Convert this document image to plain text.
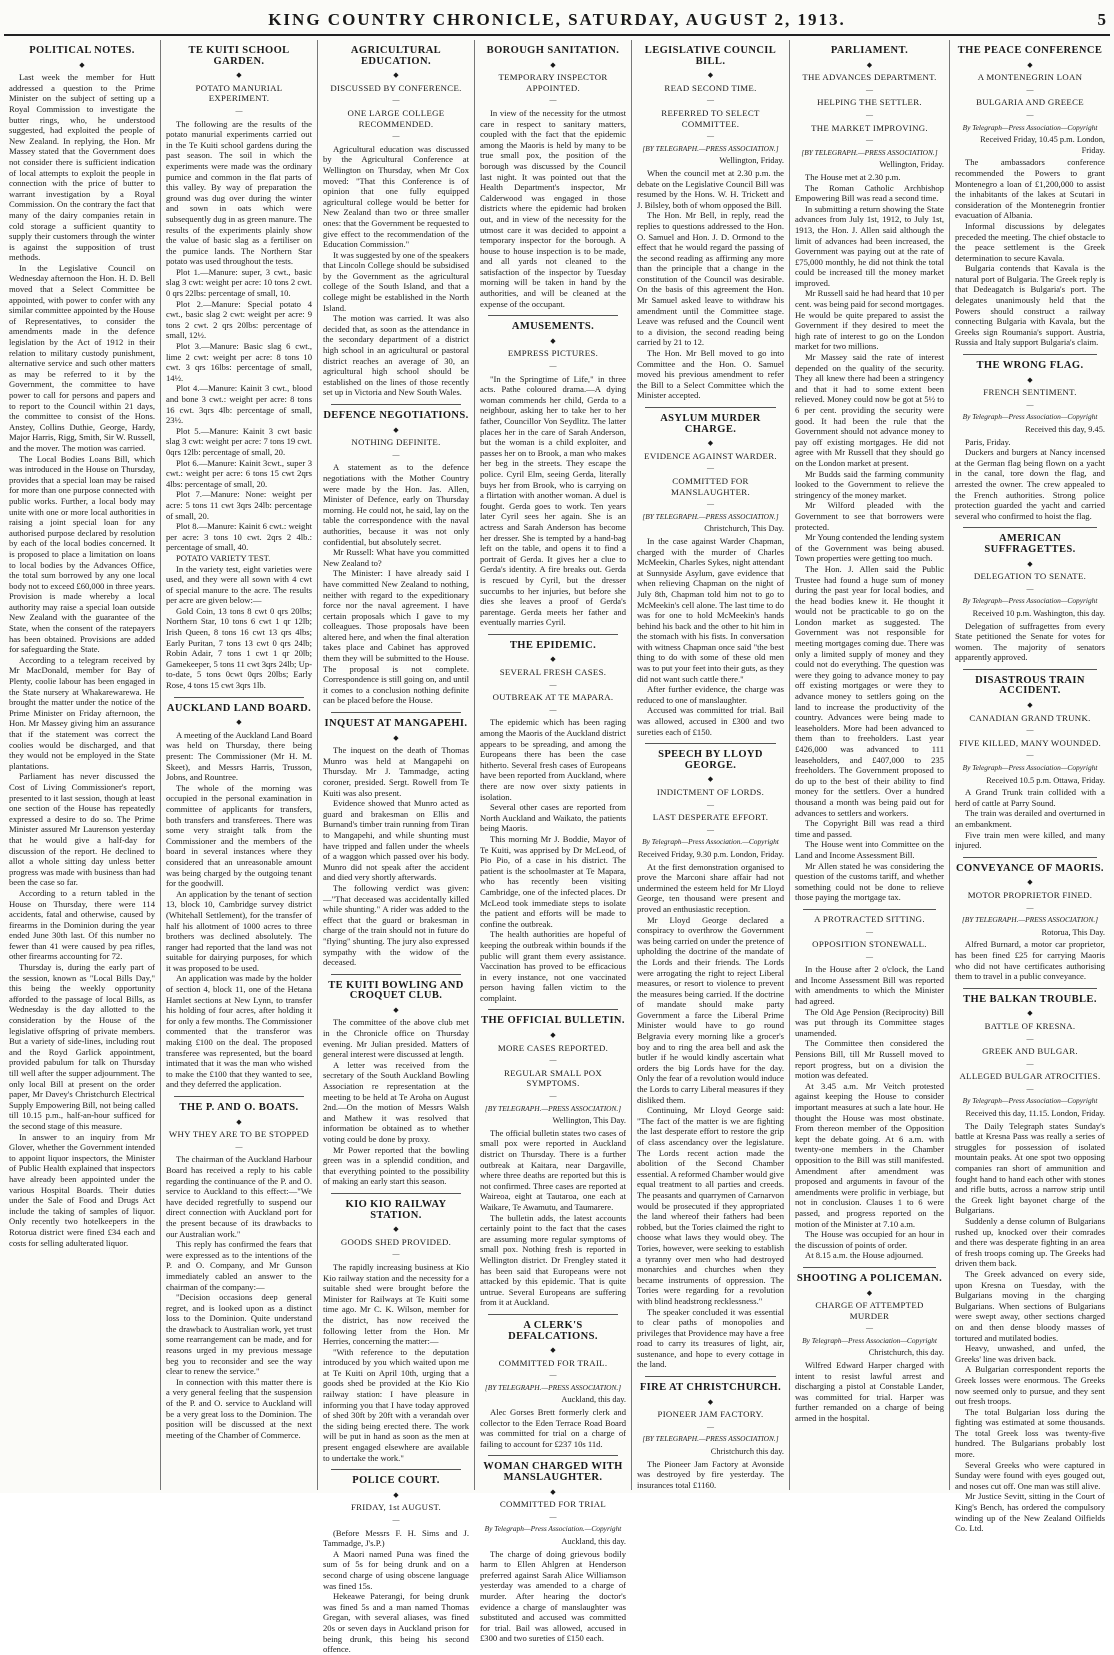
KING COUNTRY CHRONICLE, SATURDAY, AUGUST 2, 1913.	5
POLITICAL NOTES.
◆

Last week the member for Hutt addressed a question to the Prime Minister on the subject of setting up a Royal Commission to investigate the butter rings, who, he understood suggested, had exploited the people of New Zealand. In replying, the Hon. Mr Massey stated that the Government does not consider there is sufficient indication of local attempts to exploit the people in connection with the price of butter to warrant investigation by a Royal Commission. On the contrary the fact that many of the dairy companies retain in cold storage a sufficient quantity to supply their customers through the winter is against the supposition of trust methods.

In the Legislative Council on Wednesday afternoon the Hon. H. D. Bell moved that a Select Committee be appointed, with power to confer with any similar committee appointed by the House of Representatives, to consider the amendments made in the defence legislation by the Act of 1912 in their relation to military custody punishment, alternative service and such other matters as may be referred to it by the Government, the committee to have power to call for persons and papers and to report to the Council within 21 days, the committee to consist of the Hons. Anstey, Collins Duthie, George, Hardy, Major Harris, Rigg, Smith, Sir W. Russell, and the mover. The motion was carried.

The Local Bodies Loans Bill, which was introduced in the House on Thursday, provides that a special loan may be raised for more than one purpose connected with public works. Further, a local body may unite with one or more local authorities in raising a joint special loan for any authorised purpose declared by resolution by each of the local bodies concerned. It is proposed to place a limitation on loans to local bodies by the Advances Office, the total sum borrowed by any one local body not to exceed £60,000 in three years. Provision is made whereby a local authority may raise a special loan outside New Zealand with the guarantee of the State, when the consent of the ratepayers has been obtained. Provisions are added for safeguarding the State.

According to a telegram received by Mr MacDonald, member for Bay of Plenty, coolie labour has been engaged in the State nursery at Whakarewarewa. He brought the matter under the notice of the Prime Minister on Friday afternoon, the Hon. Mr Massey giving him an assurance that if the statement was correct the coolies would be discharged, and that they would not be employed in the State plantations.

Parliament has never discussed the Cost of Living Commissioner's report, presented to it last session, though at least one section of the House has repeatedly expressed a desire to do so. The Prime Minister assured Mr Laurenson yesterday that he would give a half-day for discussion of the report. He declined to allot a whole sitting day unless better progress was made with business than had been the case so far.

According to a return tabled in the House on Thursday, there were 114 accidents, fatal and otherwise, caused by firearms in the Dominion during the year ended June 30th last. Of this number no fewer than 41 were caused by pea rifles, other firearms accounting for 72.

Thursday is, during the early part of the session, known as "Local Bills Day," this being the weekly opportunity afforded to the passage of local Bills, as Wednesday is the day allotted to the consideration by the House of the legislative offspring of private members. But a variety of side-lines, including rout and the Royd Garlick appointment, provided pabulum for talk on Thursday till well after the supper adjournment. The only local Bill at present on the order paper, Mr Davey's Christchurch Electrical Supply Empowering Bill, not being called till 10.15 p.m., half-an-hour sufficed for the second stage of this measure.

In answer to an inquiry from Mr Glover, whether the Government intended to appoint liquor inspectors, the Minister of Public Health explained that inspectors have already been appointed under the various Hospital Boards. Their duties under the Sale of Food and Drugs Act include the taking of samples of liquor. Only recently two hotelkeepers in the Rotorua district were fined £34 each and costs for selling adulterated liquor.

TE KUITI SCHOOL GARDEN.
◆
POTATO MANURIAL EXPERIMENT.
—

The following are the results of the potato manurial experiments carried out in the Te Kuiti school gardens during the past season. The soil in which the experiments were made was the ordinary pumice and common in the flat parts of this valley. By way of preparation the ground was dug over during the winter and sown in oats which were subsequently dug in as green manure. The results of the experiments plainly show the value of basic slag as a fertiliser on the pumice lands. The Northern Star potato was used throughout the tests.

Plot 1.—Manure: super, 3 cwt., basic slag 3 cwt: weight per acre: 10 tons 2 cwt. 0 qrs 22lbs: percentage of small, 10.

Plot 2.—Manure: Special potato 4 cwt., basic slag 2 cwt: weight per acre: 9 tons 2 cwt. 2 qrs 20lbs: percentage of small, 12½.

Plot 3.—Manure: Basic slag 6 cwt., lime 2 cwt: weight per acre: 8 tons 10 cwt. 3 qrs 16lbs: percentage of small, 14½.

Plot 4.—Manure: Kainit 3 cwt., blood and bone 3 cwt.: weight per acre: 8 tons 16 cwt. 3qrs 4lb: percentage of small, 23½.

Plot 5.—Manure: Kainit 3 cwt basic slag 3 cwt: weight per acre: 7 tons 19 cwt. 0qrs 12lb: percentage of small, 20.

Plot 6.—Manure: Kainit 3cwt., super 3 cwt.: weight per acre: 6 tons 15 cwt 2qrs 4lbs: percentage of small, 20.

Plot 7.—Manure: None: weight per acre: 5 tons 11 cwt 3qrs 24lb: percentage of small, 20.

Plot 8.—Manure: Kainit 6 cwt.: weight per acre: 3 tons 10 cwt. 2qrs 2 4lb.: percentage of small, 40.

POTATO VARIETY TEST.

In the variety test, eight varieties were used, and they were all sown with 4 cwt of special manure to the acre. The results per acre are given below:—

Gold Coin, 13 tons 8 cwt 0 qrs 20lbs; Northern Star, 10 tons 6 cwt 1 qr 12lb; Irish Queen, 8 tons 16 cwt 13 qrs 4lbs; Early Puritan, 7 tons 13 cwt 0 qrs 24lb; Robin Adair, 7 tons 1 cwt 1 qr 20lb; Gamekeeper, 5 tons 11 cwt 3qrs 24lb; Up-to-date, 5 tons 0cwt 0qrs 20lbs; Early Rose, 4 tons 15 cwt 3qrs 1lb.

AUCKLAND LAND BOARD.
◆

A meeting of the Auckland Land Board was held on Thursday, there being present: The Commissioner (Mr H. M. Skeet), and Messrs Harris, Trusson, Jobns, and Rountree.

The whole of the morning was occupied in the personal examination in committee of applicants for transfers, both transfers and transferees. There was some very straight talk from the Commissioner and the members of the board in several instances where they considered that an unreasonable amount was being charged by the outgoing tenant for the goodwill.

An application by the tenant of section 13, block 10, Cambridge survey district (Whitehall Settlement), for the transfer of half his allotment of 1000 acres to three brothers was declined absolutely. The ranger had reported that the land was not suitable for dairying purposes, for which it was proposed to be used.

An application was made by the holder of section 4, block 11, one of the Hetana Hamlet sections at New Lynn, to transfer his holding of four acres, after holding it for only a few months. The Commissioner commented that the transferor was making £100 on the deal. The proposed transferee was represented, but the board intimated that it was the man who wished to make the £100 that they wanted to see, and they deferred the application.

THE P. AND O. BOATS.
◆
WHY THEY ARE TO BE STOPPED
—

The chairman of the Auckland Harbour Board has received a reply to his cable regarding the continuance of the P. and O. service to Auckland to this effect:—"We have decided regretfully to suspend our direct connection with Auckland port for the present because of its drawbacks to our Australian work."

This reply has confirmed the fears that were expressed as to the intentions of the P. and O. Company, and Mr Gunson immediately cabled an answer to the chairman of the company:—

"Decision occasions deep general regret, and is looked upon as a distinct loss to the Dominion. Quite understand the drawback to Australian work, yet trust some rearrangement can be made, and for reasons urged in my previous message beg you to reconsider and see the way clear to renew the service."

In connection with this matter there is a very general feeling that the suspension of the P. and O. service to Auckland will be a very great loss to the Dominion. The position will be discussed at the next meeting of the Chamber of Commerce.

AGRICULTURAL EDUCATION.
◆
DISCUSSED BY CONFERENCE.
—
ONE LARGE COLLEGE RECOMMENDED.
—

Agricultural education was discussed by the Agricultural Conference at Wellington on Thursday, when Mr Cox moved: "That this Conference is of opinion that one fully equipped agricultural college would be better for New Zealand than two or three smaller ones: that the Government be requested to give effect to the recommendation of the Education Commission."

It was suggested by one of the speakers that Lincoln College should be subsidised by the Government as the agricultural college of the South Island, and that a college might be established in the North Island.

The motion was carried. It was also decided that, as soon as the attendance in the secondary department of a district high school in an agricultural or pastoral district reaches an average of 30, an agricultural high school should be established on the lines of those recently set up in Victoria and New South Wales.

DEFENCE NEGOTIATIONS.
◆
NOTHING DEFINITE.
—

A statement as to the defence negotiations with the Mother Country were made by the Hon. Jas. Allen, Minister of Defence, early on Thursday morning. He could not, he said, lay on the table the correspondence with the naval authorities, because it was not only confidential, but absolutely secret.

Mr Russell: What have you committed New Zealand to?

The Minister: I have already said I have committed New Zealand to nothing, neither with regard to the expeditionary force nor the naval agreement. I have certain proposals which I gave to my colleagues. Those proposals have been altered here, and when the final alteration takes place and Cabinet has approved them they will be submitted to the House. The proposal is not complete. Correspondence is still going on, and until it comes to a conclusion nothing definite can be placed before the House.

INQUEST AT MANGAPEHI.
◆

The inquest on the death of Thomas Munro was held at Mangapehi on Thursday. Mr J. Tammadge, acting coroner, presided. Sergt. Rowell from Te Kuiti was also present.

Evidence showed that Munro acted as guard and brakesman on Ellis and Burnand's timber train running from Tiran to Mangapehi, and while shunting must have tripped and fallen under the wheels of a waggon which passed over his body. Munro did not speak after the accident and died very shortly afterwards.

The following verdict was given:—"That deceased was accidentally killed while shunting." A rider was added to the effect that the guard or brakesman in charge of the train should not in future do "flying" shunting. The jury also expressed sympathy with the widow of the deceased.

TE KUITI BOWLING AND CROQUET CLUB.
◆

The committee of the above club met in the Chronicle office on Thursday evening. Mr Julian presided. Matters of general interest were discussed at length.

A letter was received from the secretary of the South Auckland Bowling Association re representation at the meeting to be held at Te Aroha on August 2nd.—On the motion of Messrs Walsh and Mathew it was resolved that information be obtained as to whether voting could be done by proxy.

Mr Power reported that the bowling green was in a splendid condition, and that everything pointed to the possibility of making an early start this season.

KIO KIO RAILWAY STATION.
◆
GOODS SHED PROVIDED.
—

The rapidly increasing business at Kio Kio railway station and the necessity for a suitable shed were brought before the Minister for Railways at Te Kuiti some time ago. Mr C. K. Wilson, member for the district, has now received the following letter from the Hon. Mr Herries, concerning the matter:—

"With reference to the deputation introduced by you which waited upon me at Te Kuiti on April 10th, urging that a goods shed be provided at the Kio Kio railway station: I have pleasure in informing you that I have today approved of shed 30ft by 20ft with a verandah over the siding being erected there. The work will be put in hand as soon as the men at present engaged elsewhere are available to undertake the work."

POLICE COURT.
◆
FRIDAY, 1st AUGUST.
—

(Before Messrs F. H. Sims and J. Tammadge, J's.P.)

A Maori named Puna was fined the sum of 5s for being drunk and on a second charge of using obscene language was fined 15s.

Hekeawe Paterangi, for being drunk was fined 5s and a man named Thomas Gregan, with several aliases, was fined 20s or seven days in Auckland prison for being drunk, this being his second offence.

BOROUGH SANITATION.
◆
TEMPORARY INSPECTOR APPOINTED.
—

In view of the necessity for the utmost care in respect to sanitary matters, coupled with the fact that the epidemic among the Maoris is held by many to be true small pox, the position of the borough was discussed by the Council last night. It was pointed out that the Health Department's inspector, Mr Calderwood was engaged in those districts where the epidemic had broken out, and in view of the necessity for the utmost care it was decided to appoint a temporary inspector for the borough. A house to house inspection is to be made, and all yards not cleaned to the satisfaction of the inspector by Tuesday morning will be taken in hand by the authorities, and will be cleaned at the expense of the occupant.

AMUSEMENTS.
◆
EMPRESS PICTURES.
—

"In the Springtime of Life," in three acts. Pathe coloured drama.—A dying woman commends her child, Gerda to a neighbour, asking her to take her to her father, Councillor Von Seydlitz. The latter places her in the care of Sarah Anderson, but the woman is a child exploiter, and passes her on to Brook, a man who makes her beg in the streets. They escape the police. Cyril Elm, seeing Gerda, literally buys her from Brook, who is carrying on a flirtation with another woman. A duel is fought. Gerda goes to work. Ten years later Cyril sees her again. She is an actress and Sarah Anderson has become her dresser. She is tempted by a hand-bag left on the table, and opens it to find a portrait of Gerda. It gives her a clue to Gerda's identity. A fire breaks out. Gerda is rescued by Cyril, but the dresser succumbs to her injuries, but before she dies she leaves a proof of Gerda's parentage. Gerda meets her father and eventually marries Cyril.

THE EPIDEMIC.
◆
SEVERAL FRESH CASES.
—
OUTBREAK AT TE MAPARA.
—

The epidemic which has been raging among the Maoris of the Auckland district appears to be spreading, and among the Europeans there has been the case hitherto. Several fresh cases of Europeans have been reported from Auckland, where there are now over sixty patients in isolation.

Several other cases are reported from North Auckland and Waikato, the patients being Maoris.

This morning Mr J. Boddie, Mayor of Te Kuiti, was apprised by Dr McLeod, of Pio Pio, of a case in his district. The patient is the schoolmaster at Te Mapara, who has recently been visiting Cambridge, one of the infected places. Dr McLeod took immediate steps to isolate the patient and efforts will be made to confine the outbreak.

The health authorities are hopeful of keeping the outbreak within bounds if the public will grant them every assistance. Vaccination has proved to be efficacious in every instance, not one vaccinated person having fallen victim to the complaint.

THE OFFICIAL BULLETIN.
◆
MORE CASES REPORTED.
—
REGULAR SMALL POX SYMPTOMS.
—
[BY TELEGRAPH.—PRESS ASSOCIATION.]
Wellington, This Day.

The official bulletin states two cases of small pox were reported in Auckland district on Thursday. There is a further outbreak at Kaitara, near Dargaville, where three deaths are reported but this is not confirmed. Three cases are reported at Waireoa, eight at Tautaroa, one each at Waikare, Te Awamutu, and Taumarere.

The bulletin adds, the latest accounts certainly point to the fact that the cases are assuming more regular symptoms of small pox. Nothing fresh is reported in Wellington district. Dr Frengley stated it has been said that Europeans were not attacked by this epidemic. That is quite untrue. Several Europeans are suffering from it at Auckland.

A CLERK'S DEFALCATIONS.
◆
COMMITTED FOR TRAIL.
—
[BY TELEGRAPH.—PRESS ASSOCIATION.]
Auckland, this day.

Alec Gorses Brett formerly clerk and collector to the Eden Terrace Road Board was committed for trial on a charge of failing to account for £237 10s 11d.

WOMAN CHARGED WITH MANSLAUGHTER.
◆
COMMITTED FOR TRIAL
—
By Telegraph—Press Association.—Copyright
Auckland, this day.

The charge of doing grievous bodily harm to Ellen Ahlgren at Henderson preferred against Sarah Alice Williamson yesterday was amended to a charge of murder. After hearing the doctor's evidence a charge of manslaughter was substituted and accused was committed for trial. Bail was allowed, accused in £300 and two sureties of £150 each.

LEGISLATIVE COUNCIL BILL.
◆
READ SECOND TIME.
—
REFERRED TO SELECT COMMITTEE.
—
[BY TELEGRAPH.—PRESS ASSOCIATION.]
Wellington, Friday.

When the council met at 2.30 p.m. the debate on the Legislative Council Bill was resumed by the Hons. W. H. Trickett and J. Bilsley, both of whom opposed the Bill.

The Hon. Mr Bell, in reply, read the replies to questions addressed to the Hon. O. Samuel and Hon. J. D. Ormond to the effect that he would regard the passing of the second reading as affirming any more than the principle that a change in the constitution of the Council was desirable. On the basis of this agreement the Hon. Mr Samuel asked leave to withdraw his amendment until the Committee stage. Leave was refused and the Council went to a division, the second reading being carried by 21 to 12.

The Hon. Mr Bell moved to go into Committee and the Hon. O. Samuel moved his previous amendment to refer the Bill to a Select Committee which the Minister accepted.

ASYLUM MURDER CHARGE.
◆
EVIDENCE AGAINST WARDER.
—
COMMITTED FOR MANSLAUGHTER.
—
[BY TELEGRAPH.—PRESS ASSOCIATION.]
Christchurch, This Day.

In the case against Warder Chapman, charged with the murder of Charles McMeekin, Charles Sykes, night attendant at Sunnyside Asylum, gave evidence that when relieving Chapman on the night of July 8th, Chapman told him not to go to McMeekin's cell alone. The last time to do was for one to hold McMeekin's hands behind his back and the other to hit him in the stomach with his fists. In conversation with witness Chapman once said "the best thing to do with some of these old men was to put your feet into their guts, as they did not want such cattle there."

After further evidence, the charge was reduced to one of manslaughter.

Accused was committed for trial. Bail was allowed, accused in £300 and two sureties each of £150.

SPEECH BY LLOYD GEORGE.
◆
INDICTMENT OF LORDS.
—
LAST DESPERATE EFFORT.
—
By Telegraph—Press Association.—Copyright
Received Friday, 9.30 p.m. London, Friday.

At the first demonstration organised to prove the Marconi share affair had not undermined the esteem held for Mr Lloyd George, ten thousand were present and proved an enthusiastic reception.

Mr Lloyd George declared a conspiracy to overthrow the Government was being carried on under the pretence of upholding the doctrine of the mandate of the Lords and their friends. The Lords were arrogating the right to reject Liberal measures, or resort to violence to prevent the measures being carried. If the doctrine of mandate should make party Government a farce the Liberal Prime Minister would have to go round Belgravia every morning like a grocer's boy and to ring the area bell and ask the butler if he would kindly ascertain what orders the big Lords have for the day. Only the fear of a revolution would induce the Lords to carry Liberal measures if they disliked them.

Continuing, Mr Lloyd George said: "The fact of the matter is we are fighting the last desperate effort to restore the grip of class ascendancy over the legislature. The Lords recent action made the abolition of the Second Chamber essential. A reformed Chamber would give equal treatment to all parties and creeds. The peasants and quarrymen of Carnarvon would be prosecuted if they appropriated the land whereof their fathers had been robbed, but the Tories claimed the right to choose what laws they would obey. The Tories, however, were seeking to establish a tyranny over men who had destroyed monarchies and churches when they became instruments of oppression. The Tories were regarding for a revolution with blind headstrong recklessness."

The speaker concluded it was essential to clear paths of monopolies and privileges that Providence may have a free road to carry its treasures of light, air, sustenance, and hope to every cottage in the land.

FIRE AT CHRISTCHURCH.
◆
PIONEER JAM FACTORY.
—
[BY TELEGRAPH.—PRESS ASSOCIATION.]
Christchurch this day.

The Pioneer Jam Factory at Avonside was destroyed by fire yesterday. The insurances total £1160.

PARLIAMENT.
◆
THE ADVANCES DEPARTMENT.
—
HELPING THE SETTLER.
—
THE MARKET IMPROVING.
—
[BY TELEGRAPH.—PRESS ASSOCIATION.]
Wellington, Friday.

The House met at 2.30 p.m.

The Roman Catholic Archbishop Empowering Bill was read a second time.

In submitting a return showing the State advances from July 1st, 1912, to July 1st, 1913, the Hon. J. Allen said although the limit of advances had been increased, the Government was paying out at the rate of £75,000 monthly, he did not think the total could be increased till the money market improved.

Mr Russell said he had heard that 10 per cent. was being paid for second mortgages. He would be quite prepared to assist the Government if they desired to meet the high rate of interest to go on the London market for two millions.

Mr Massey said the rate of interest depended on the quality of the security. They all knew there had been a stringency and that it had to some extent been relieved. Money could now be got at 5½ to 6 per cent. providing the security were good. It had been the rule that the Government should not advance money to pay off existing mortgages. He did not agree with Mr Russell that they should go on the London market at present.

Mr Budds said the farming community looked to the Government to relieve the stringency of the money market.

Mr Wilford pleaded with the Government to see that borrowers were protected.

Mr Young contended the lending system of the Government was being abused. Town properties were getting too much.

The Hon. J. Allen said the Public Trustee had found a huge sum of money during the past year for local bodies, and the head bodies knew it. He thought it would not be practicable to go on the London market as suggested. The Government was not responsible for meeting mortgages coming due. There was only a limited supply of money and they could not do everything. The question was were they going to advance money to pay off existing mortgages or were they to advance money to settlers going on the land to increase the productivity of the country. Advances were being made to leaseholders. More had been advanced to them than to freeholders. Last year £426,000 was advanced to 111 leaseholders, and £407,000 to 235 freeholders. The Government proposed to do up to the best of their ability to find money for the settlers. Over a hundred thousand a month was being paid out for advances to settlers and workers.

The Copyright Bill was read a third time and passed.

The House went into Committee on the Land and Income Assessment Bill.

Mr Allen stated he was considering the question of the customs tariff, and whether something could not be done to relieve those paying the mortgage tax.

A PROTRACTED SITTING.
—
OPPOSITION STONEWALL.
—

In the House after 2 o'clock, the Land and Income Assessment Bill was reported with amendments to which the Minister had agreed.

The Old Age Pension (Reciprocity) Bill was put through its Committee stages unamended.

The Committee then considered the Pensions Bill, till Mr Russell moved to report progress, but on a division the motion was defeated.

At 3.45 a.m. Mr Veitch protested against keeping the House to consider important measures at such a late hour. He thought the House was most obstinate. From thereon member of the Opposition kept the debate going. At 6 a.m. with twenty-one members in the Chamber opposition to the Bill was still manifested. Amendment after amendment was proposed and arguments in favour of the amendments were prolific in verbiage, but not in conclusion. Clauses 1 to 6 were passed, and progress reported on the motion of the Minister at 7.10 a.m.

The House was occupied for an hour in the discussion of points of order.

At 8.15 a.m. the House adjourned.

SHOOTING A POLICEMAN.
◆
CHARGE OF ATTEMPTED MURDER
—
By Telegraph—Press Association—Copyright
Christchurch, this day.

Wilfred Edward Harper charged with intent to resist lawful arrest and discharging a pistol at Constable Lander, was committed for trial. Harper was further remanded on a charge of being armed in the hospital.

THE PEACE CONFERENCE
◆
A MONTENEGRIN LOAN
—
BULGARIA AND GREECE
—
By Telegraph—Press Association—Copyright
Received Friday, 10.45 p.m. London, Friday.

The ambassadors conference recommended the Powers to grant Montenegro a loan of £1,200,000 to assist the inhabitants of the lakes at Scutari in consideration of the Montenegrin frontier evacuation of Albania.

Informal discussions by delegates preceded the meeting. The chief obstacle to the peace settlement is the Greek determination to secure Kavala.

Bulgaria contends that Kavala is the natural port of Bulgaria. The Greek reply is that Dedeagatch is Bulgaria's port. The delegates unanimously held that the Powers should construct a railway connecting Bulgaria with Kavala, but the Greeks sign Roumania's support. Austria, Russia and Italy support Bulgaria's claim.

THE WRONG FLAG.
◆
FRENCH SENTIMENT.
—
By Telegraph—Press Association—Copyright
Received this day, 9.45.

Paris, Friday.

Duckers and burgers at Nancy incensed at the German flag being flown on a yacht in the canal, tore down the flag, and arrested the owner. The crew appealed to the French authorities. Strong police protection guarded the yacht and carried several who confirmed to hoist the flag.

AMERICAN SUFFRAGETTES.
◆
DELEGATION TO SENATE.
—
By Telegraph—Press Association—Copyright
Received 10 p.m. Washington, this day.

Delegation of suffragettes from every State petitioned the Senate for votes for women. The majority of senators apparently approved.

DISASTROUS TRAIN ACCIDENT.
◆
CANADIAN GRAND TRUNK.
—
FIVE KILLED, MANY WOUNDED.
—
By Telegraph—Press Association—Copyright
Received 10.5 p.m. Ottawa, Friday.

A Grand Trunk train collided with a herd of cattle at Parry Sound.

The train was derailed and overturned in an embankment.

Five train men were killed, and many injured.

CONVEYANCE OF MAORIS.
◆
MOTOR PROPRIETOR FINED.
—
[BY TELEGRAPH.—PRESS ASSOCIATION.]
Rotorua, This Day.

Alfred Burnard, a motor car proprietor, has been fined £25 for carrying Maoris who did not have certificates authorising them to travel in a public conveyance.

THE BALKAN TROUBLE.
◆
BATTLE OF KRESNA.
—
GREEK AND BULGAR.
—
ALLEGED BULGAR ATROCITIES.
—
By Telegraph—Press Association—Copyright
Received this day, 11.15. London, Friday.

The Daily Telegraph states Sunday's battle at Kresna Pass was really a series of struggles for possession of isolated mountain peaks. At one spot two opposing companies ran short of ammunition and fought hand to hand each other with stones and rifle butts, across a narrow strip until the Greek light bayonet charge of the Bulgarians.

Suddenly a dense column of Bulgarians rushed up, knocked over their comrades and there was desperate fighting in an area of fresh troops coming up. The Greeks had driven them back.

The Greek advanced on every side, upon Kresna on Tuesday, with the Bulgarians moving in the charging Bulgarians. When sections of Bulgarians were swept away, other sections charged on and then dense bloody masses of tortured and mutilated bodies.

Heavy, unwashed, and unfed, the Greeks' line was driven back.

A Bulgarian correspondent reports the Greek losses were enormous. The Greeks now seemed only to pursue, and they sent out fresh troops.

The total Bulgarian loss during the fighting was estimated at some thousands. The total Greek loss was twenty-five hundred. The Bulgarians probably lost more.

Several Greeks who were captured in Sunday were found with eyes gouged out, and noses cut off. One man was still alive.

Mr Justice Sevitt, sitting in the Court of King's Bench, has ordered the compulsory winding up of the New Zealand Oilfields Co. Ltd.
